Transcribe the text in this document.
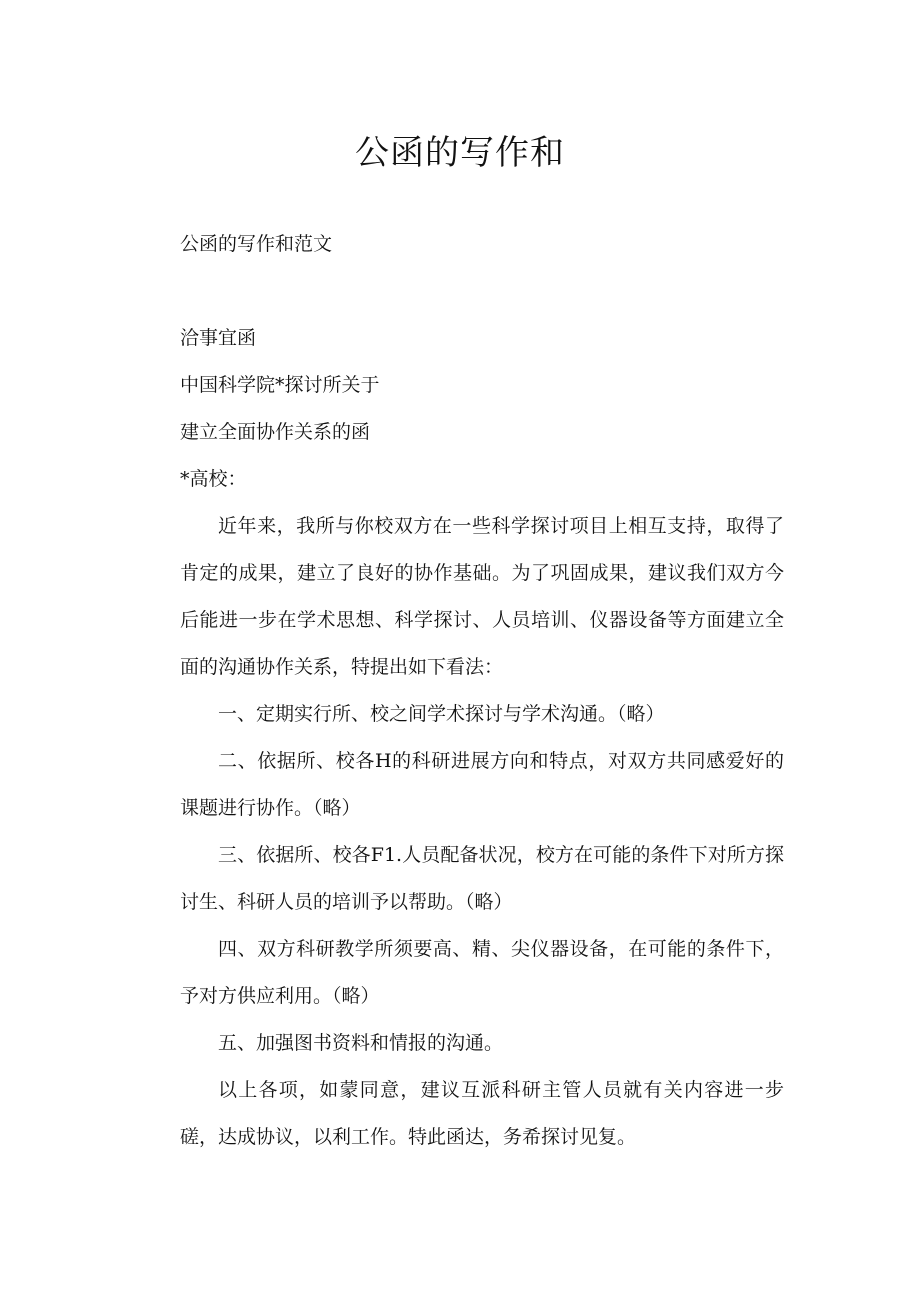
公函的写作和

公函的写作和范文

洽事宜函

中国科学院*探讨所关于

建立全面协作关系的函

*高校：

近年来，我所与你校双方在一些科学探讨项目上相互支持，取得了肯定的成果，建立了良好的协作基础。为了巩固成果，建议我们双方今后能进一步在学术思想、科学探讨、人员培训、仪器设备等方面建立全面的沟通协作关系，特提出如下看法：

一、定期实行所、校之间学术探讨与学术沟通。（略）

二、依据所、校各H的科研进展方向和特点，对双方共同感爱好的课题进行协作。（略）

三、依据所、校各F1.人员配备状况，校方在可能的条件下对所方探讨生、科研人员的培训予以帮助。（略）

四、双方科研教学所须要高、精、尖仪器设备，在可能的条件下，予对方供应利用。（略）

五、加强图书资料和情报的沟通。

以上各项，如蒙同意，建议互派科研主管人员就有关内容进一步磋，达成协议，以利工作。特此函达，务希探讨见复。
